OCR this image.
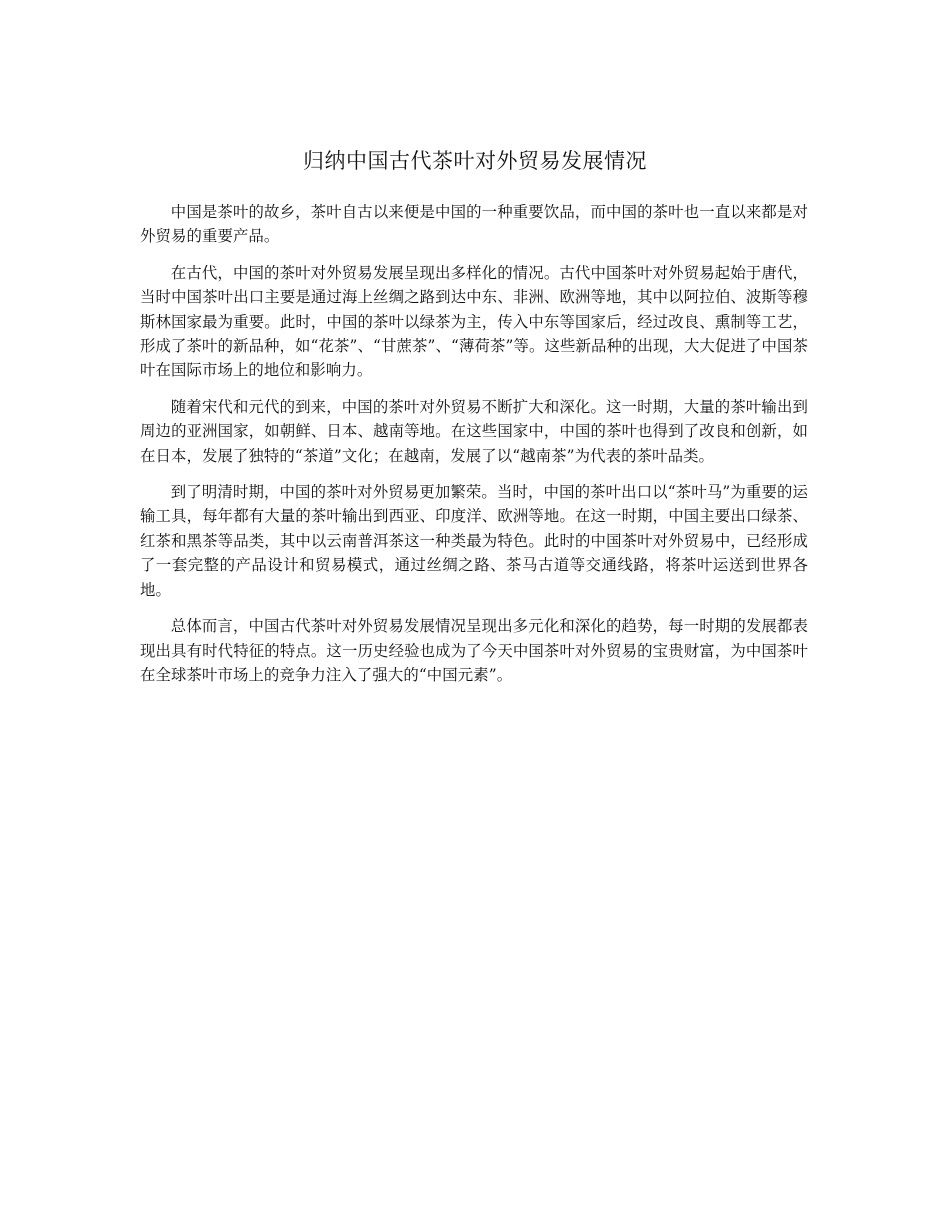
归纳中国古代茶叶对外贸易发展情况

中国是茶叶的故乡，茶叶自古以来便是中国的一种重要饮品，而中国的茶叶也一直以来都是对外贸易的重要产品。

在古代，中国的茶叶对外贸易发展呈现出多样化的情况。古代中国茶叶对外贸易起始于唐代，当时中国茶叶出口主要是通过海上丝绸之路到达中东、非洲、欧洲等地，其中以阿拉伯、波斯等穆斯林国家最为重要。此时，中国的茶叶以绿茶为主，传入中东等国家后，经过改良、熏制等工艺，形成了茶叶的新品种，如“花茶”、“甘蔗茶”、“薄荷茶”等。这些新品种的出现，大大促进了中国茶叶在国际市场上的地位和影响力。

随着宋代和元代的到来，中国的茶叶对外贸易不断扩大和深化。这一时期，大量的茶叶输出到周边的亚洲国家，如朝鲜、日本、越南等地。在这些国家中，中国的茶叶也得到了改良和创新，如在日本，发展了独特的“茶道”文化；在越南，发展了以“越南茶”为代表的茶叶品类。

到了明清时期，中国的茶叶对外贸易更加繁荣。当时，中国的茶叶出口以“茶叶马”为重要的运输工具，每年都有大量的茶叶输出到西亚、印度洋、欧洲等地。在这一时期，中国主要出口绿茶、红茶和黑茶等品类，其中以云南普洱茶这一种类最为特色。此时的中国茶叶对外贸易中，已经形成了一套完整的产品设计和贸易模式，通过丝绸之路、茶马古道等交通线路，将茶叶运送到世界各地。

总体而言，中国古代茶叶对外贸易发展情况呈现出多元化和深化的趋势，每一时期的发展都表现出具有时代特征的特点。这一历史经验也成为了今天中国茶叶对外贸易的宝贵财富，为中国茶叶在全球茶叶市场上的竞争力注入了强大的“中国元素”。
